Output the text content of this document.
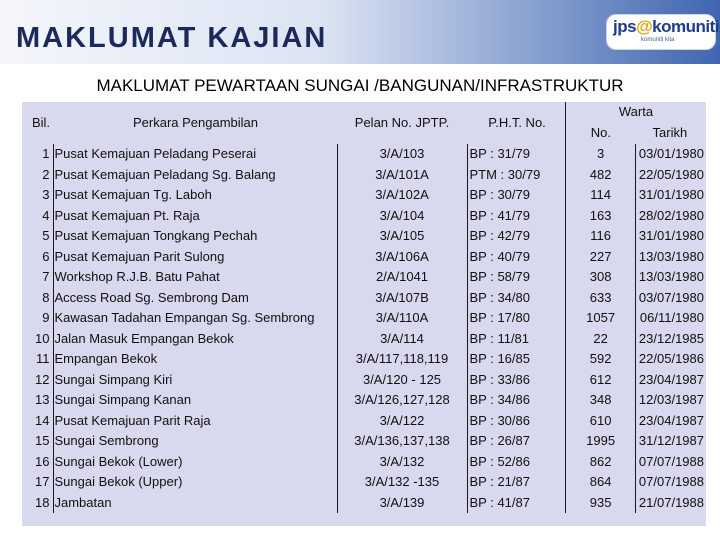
MAKLUMAT KAJIAN	jps@komuniti
komuniti kita
MAKLUMAT PEWARTAAN SUNGAI /BANGUNAN/INFRASTRUKTUR
Bil.	Perkara Pengambilan	Pelan No. JPTP.	P.H.T. No.	Warta	
				No.	Tarikh
1	Pusat Kemajuan Peladang Peserai	3/A/103	BP : 31/79	3	03/01/1980
2	Pusat Kemajuan Peladang Sg. Balang	3/A/101A	PTM : 30/79	482	22/05/1980
3	Pusat Kemajuan Tg. Laboh	3/A/102A	BP : 30/79	114	31/01/1980
4	Pusat Kemajuan Pt. Raja	3/A/104	BP : 41/79	163	28/02/1980
5	Pusat Kemajuan Tongkang Pechah	3/A/105	BP : 42/79	116	31/01/1980
6	Pusat Kemajuan Parit Sulong	3/A/106A	BP : 40/79	227	13/03/1980
7	Workshop R.J.B. Batu Pahat	2/A/1041	BP : 58/79	308	13/03/1980
8	Access Road Sg. Sembrong Dam	3/A/107B	BP : 34/80	633	03/07/1980
9	Kawasan Tadahan Empangan Sg. Sembrong	3/A/110A	BP : 17/80	1057	06/11/1980
10	Jalan Masuk Empangan Bekok	3/A/114	BP : 11/81	22	23/12/1985
11	Empangan Bekok	3/A/117,118,119	BP : 16/85	592	22/05/1986
12	Sungai Simpang Kiri	3/A/120 - 125	BP : 33/86	612	23/04/1987
13	Sungai Simpang Kanan	3/A/126,127,128	BP : 34/86	348	12/03/1987
14	Pusat Kemajuan Parit Raja	3/A/122	BP : 30/86	610	23/04/1987
15	Sungai Sembrong	3/A/136,137,138	BP : 26/87	1995	31/12/1987
16	Sungai Bekok (Lower)	3/A/132	BP : 52/86	862	07/07/1988
17	Sungai Bekok (Upper)	3/A/132 -135	BP : 21/87	864	07/07/1988
18	Jambatan	3/A/139	BP : 41/87	935	21/07/1988
